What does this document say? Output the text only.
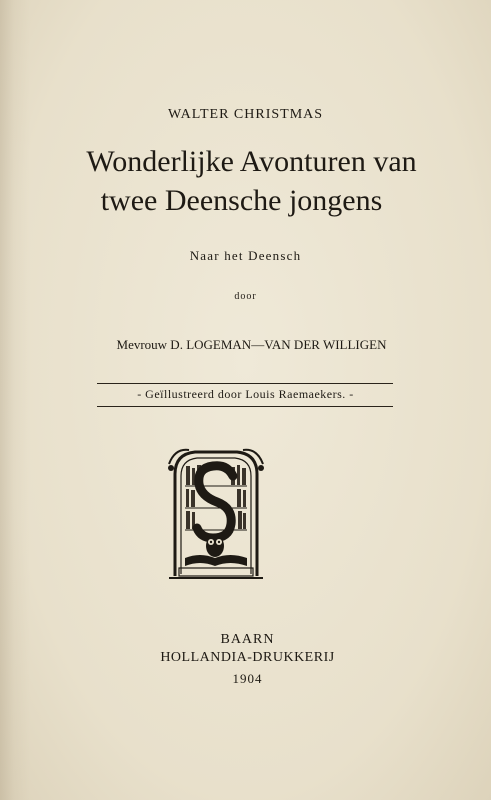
WALTER CHRISTMAS
Wonderlijke Avonturen van
twee Deensche jongens
Naar het Deensch
door
Mevrouw D. LOGEMAN—VAN DER WILLIGEN
- Geïllustreerd door Louis Raemaekers. -
BAARN
HOLLANDIA-DRUKKERIJ
1904
